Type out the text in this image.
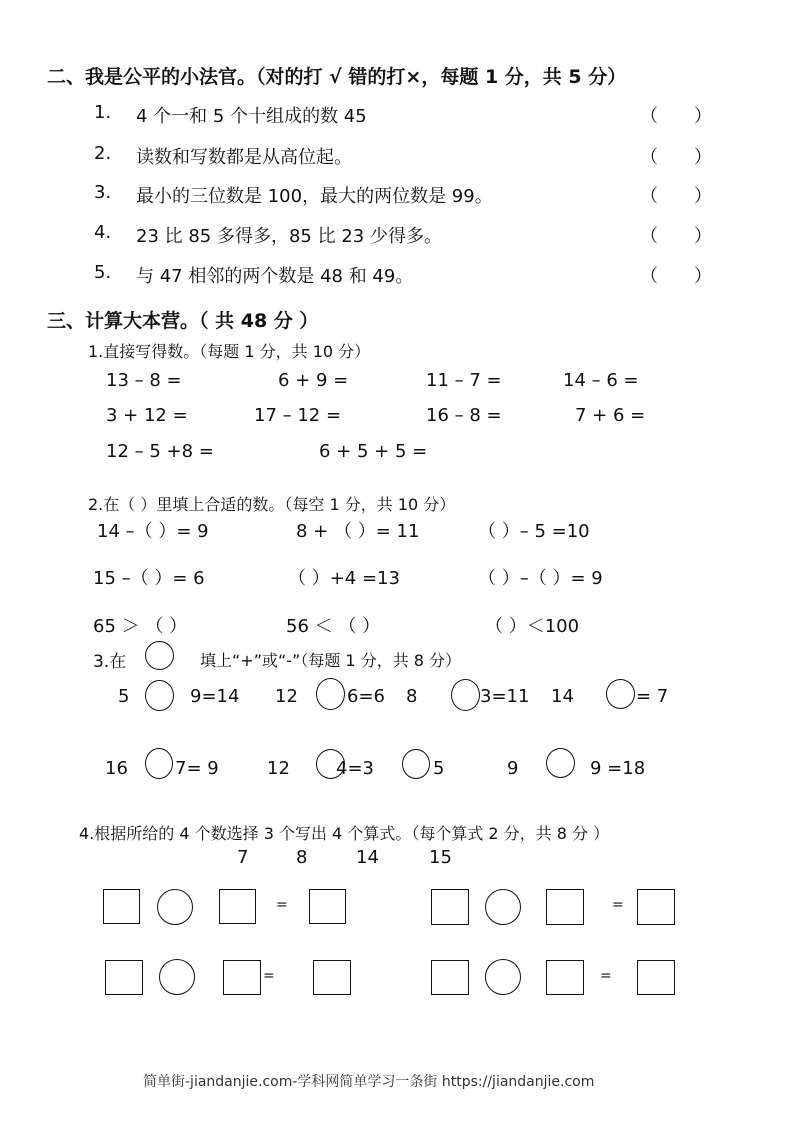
二、我是公平的小法官。（对的打 √ 错的打×，每题 1 分，共 5 分）
1. 4 个一和 5 个十组成的数 45	（　　）
2. 读数和写数都是从高位起。	（　　）
3. 最小的三位数是 100，最大的两位数是 99。	（　　）
4. 23 比 85 多得多，85 比 23 少得多。	（　　）
5. 与 47 相邻的两个数是 48 和 49。	（　　）
三、计算大本营。（ 共 48 分 ）
1.直接写得数。（每题 1 分，共 10 分）
13 – 8 =	6 + 9 =	11 – 7 =	14 – 6 =
3 + 12 =	17 – 12 =	16 – 8 =	7 + 6 =
12 – 5 +8 =	6 + 5 + 5 =
2.在（ ）里填上合适的数。（每空 1 分，共 10 分）
14 –（ ）= 9	8 + （ ）= 11	（ ）– 5 =10
15 –（ ）= 6	（ ）+4 =13	（ ）–（ ）= 9
65 ＞ （ ）	56 ＜ （ ）	（ ）＜100
3.在	填上“+”或“-”（每题 1 分，共 8 分）
5	9=14 12	6=6 8	3=11 14	= 7
16	7= 9	12	4=3	5	9	9 =18
4.根据所给的 4 个数选择 3 个写出 4 个算式。（每个算式 2 分，共 8 分 ）
7	8	14	15
=	=
=	=
简单街-jiandanjie.com-学科网简单学习一条街 https://jiandanjie.com
